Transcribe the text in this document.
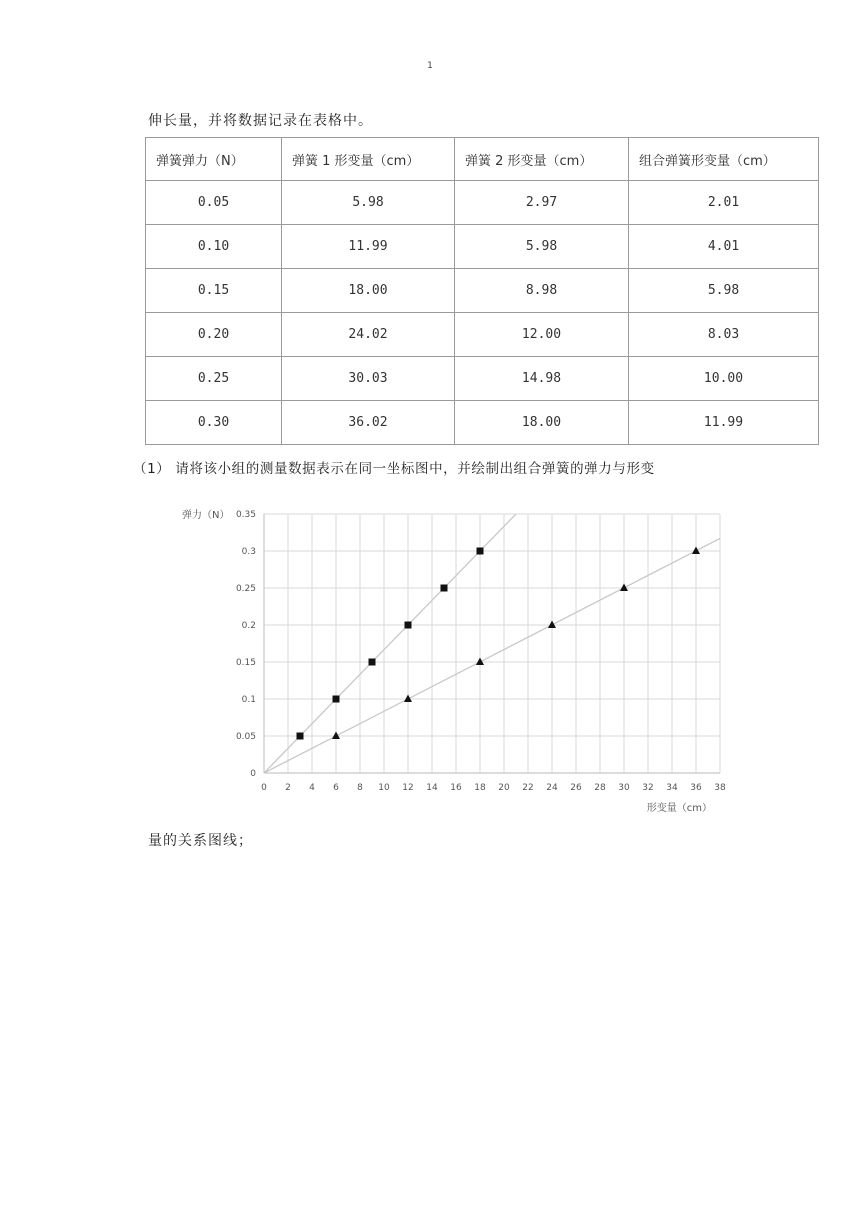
1
伸长量，并将数据记录在表格中。
弹簧弹力（N）	弹簧 1 形变量（cm）	弹簧 2 形变量（cm）	组合弹簧形变量（cm）
0.05	5.98	2.97	2.01
0.10	11.99	5.98	4.01
0.15	18.00	8.98	5.98
0.20	24.02	12.00	8.03
0.25	30.03	14.98	10.00
0.30	36.02	18.00	11.99
（1） 请将该小组的测量数据表示在同一坐标图中，并绘制出组合弹簧的弹力与形变
0 2 4 6 8 10 12 14 16 18 20 22 24 26 28 30 32 34 36 38
0
0.05
0.1
0.15
0.2
0.25
0.3
0.35
弹力（N）
形变量（cm）
量的关系图线；
